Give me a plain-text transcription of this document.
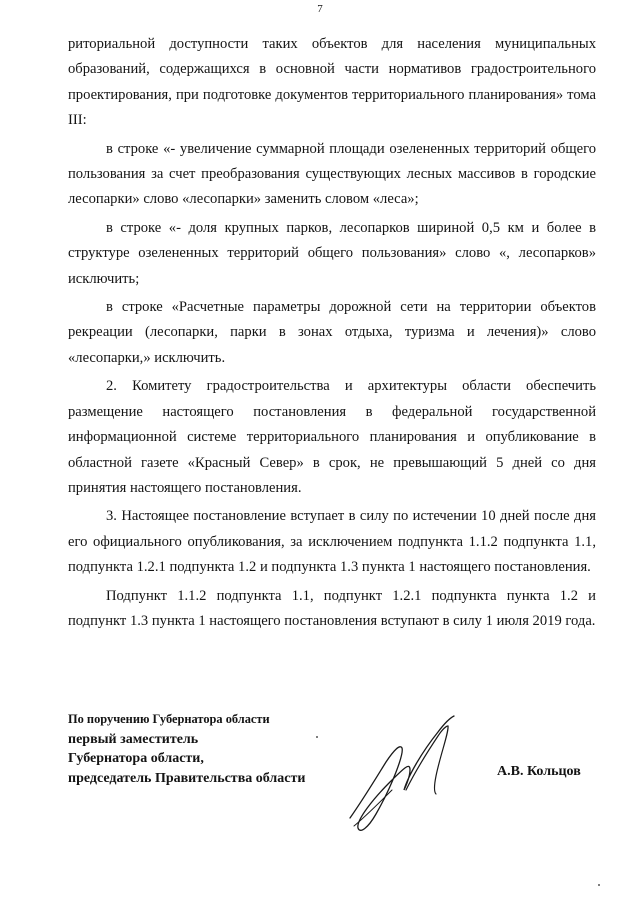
7

риториальной доступности таких объектов для населения муниципальных образований, содержащихся в основной части нормативов градостроительного проектирования, при подготовке документов территориального планирования» тома III:

в строке «- увеличение суммарной площади озелененных территорий общего пользования за счет преобразования существующих лесных массивов в городские лесопарки» слово «лесопарки» заменить словом «леса»;

в строке «- доля крупных парков, лесопарков шириной 0,5 км и более в структуре озелененных территорий общего пользования» слово «, лесопарков» исключить;

в строке «Расчетные параметры дорожной сети на территории объектов рекреации (лесопарки, парки в зонах отдыха, туризма и лечения)» слово «лесопарки,» исключить.

2. Комитету градостроительства и архитектуры области обеспечить размещение настоящего постановления в федеральной государственной информационной системе территориального планирования и опубликование в областной газете «Красный Север» в срок, не превышающий 5 дней со дня принятия настоящего постановления.

3. Настоящее постановление вступает в силу по истечении 10 дней после дня его официального опубликования, за исключением подпункта 1.1.2 подпункта 1.1, подпункта 1.2.1 подпункта 1.2 и подпункта 1.3 пункта 1 настоящего постановления.

Подпункт 1.1.2 подпункта 1.1, подпункт 1.2.1 подпункта пункта 1.2 и подпункт 1.3 пункта 1 настоящего постановления вступают в силу 1 июля 2019 года.

По поручению Губернатора области
первый заместитель
Губернатора области,
председатель Правительства области	А.В. Кольцов
